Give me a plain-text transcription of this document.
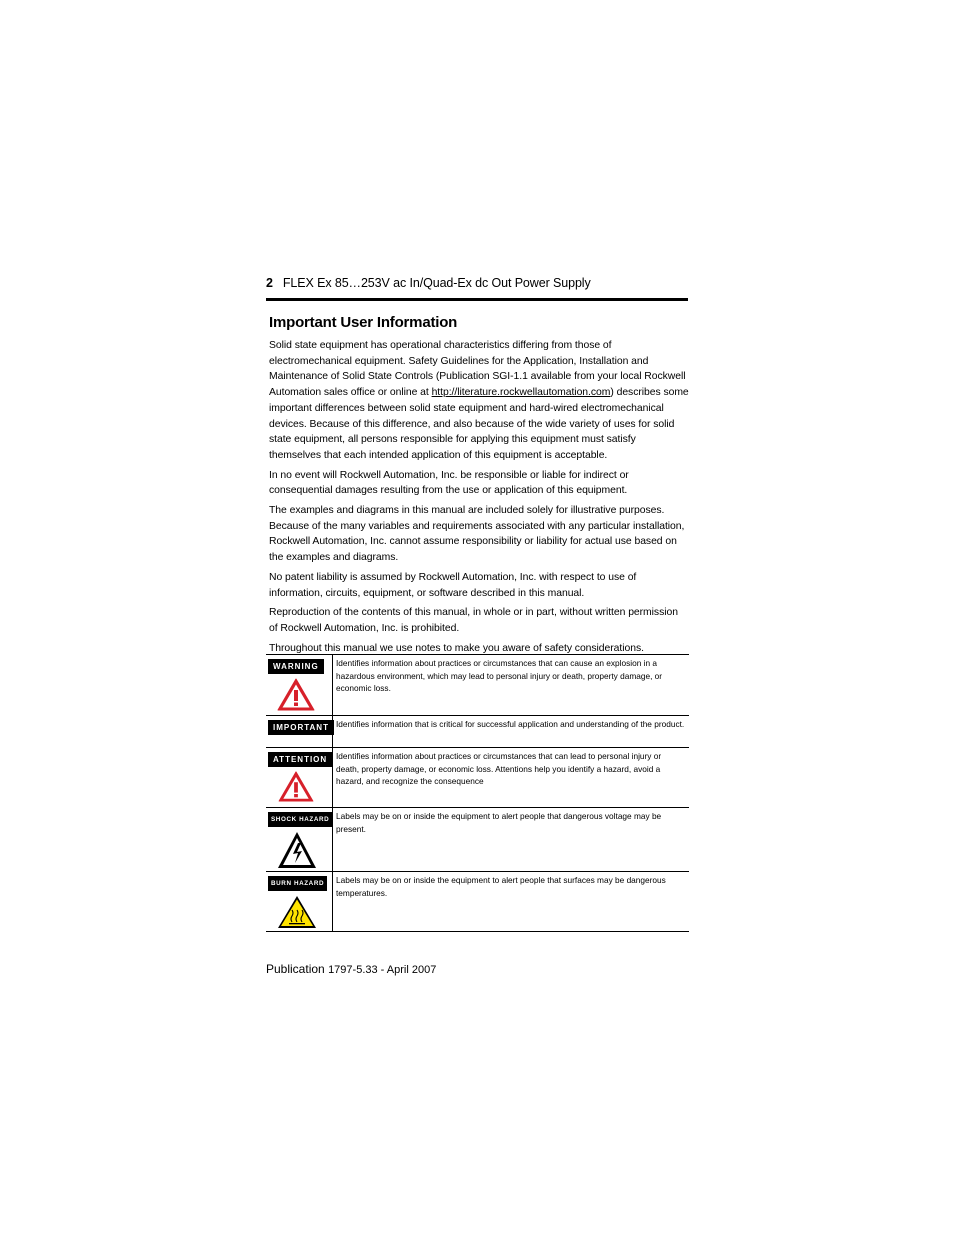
2 FLEX Ex 85…253V ac In/Quad-Ex dc Out Power Supply
Important User Information

Solid state equipment has operational characteristics differing from those of electromechanical equipment. Safety Guidelines for the Application, Installation and Maintenance of Solid State Controls (Publication SGI-1.1 available from your local Rockwell Automation sales office or online at http://literature.rockwellautomation.com) describes some important differences between solid state equipment and hard-wired electromechanical devices. Because of this difference, and also because of the wide variety of uses for solid state equipment, all persons responsible for applying this equipment must satisfy themselves that each intended application of this equipment is acceptable.

In no event will Rockwell Automation, Inc. be responsible or liable for indirect or consequential damages resulting from the use or application of this equipment.

The examples and diagrams in this manual are included solely for illustrative purposes. Because of the many variables and requirements associated with any particular installation, Rockwell Automation, Inc. cannot assume responsibility or liability for actual use based on the examples and diagrams.

No patent liability is assumed by Rockwell Automation, Inc. with respect to use of information, circuits, equipment, or software described in this manual.

Reproduction of the contents of this manual, in whole or in part, without written permission of Rockwell Automation, Inc. is prohibited.

Throughout this manual we use notes to make you aware of safety considerations.

WARNING	Identifies information about practices or circumstances that can cause an explosion in a hazardous environment, which may lead to personal injury or death, property damage, or economic loss.
IMPORTANT	Identifies information that is critical for successful application and understanding of the product.
ATTENTION	Identifies information about practices or circumstances that can lead to personal injury or death, property damage, or economic loss. Attentions help you identify a hazard, avoid a hazard, and recognize the consequence
SHOCK HAZARD	Labels may be on or inside the equipment to alert people that dangerous voltage may be present.
BURN HAZARD	Labels may be on or inside the equipment to alert people that surfaces may be dangerous temperatures.
Publication 1797-5.33 - April 2007
